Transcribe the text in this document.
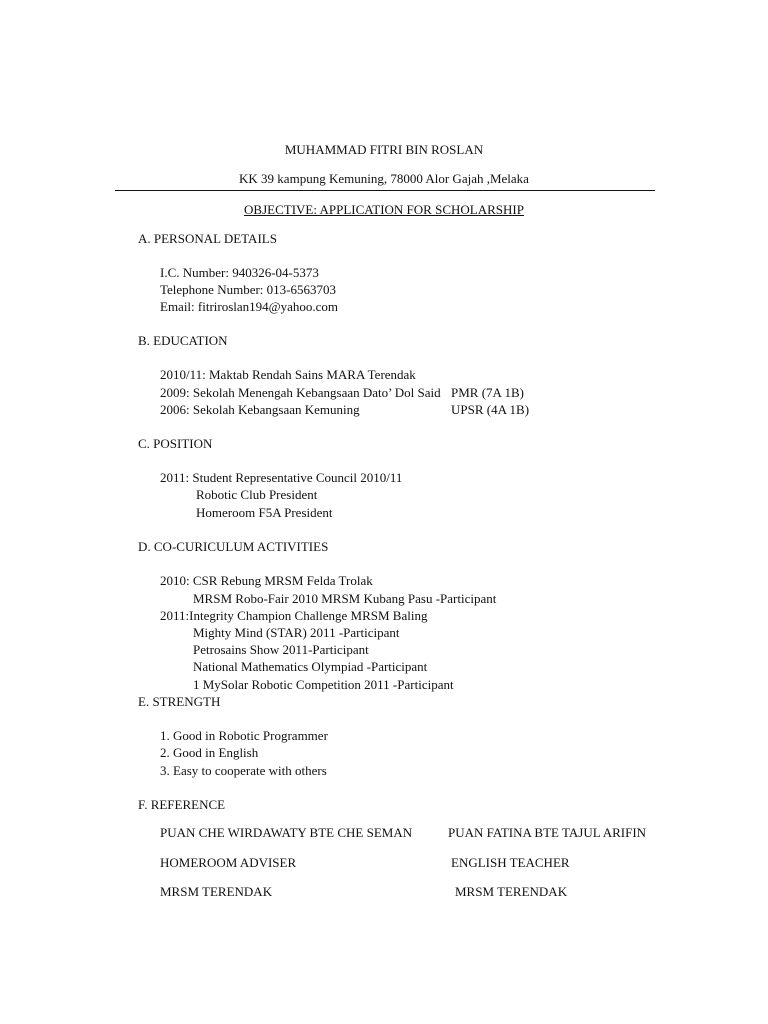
MUHAMMAD FITRI BIN ROSLAN
KK 39 kampung Kemuning, 78000 Alor Gajah ,Melaka
OBJECTIVE: APPLICATION FOR SCHOLARSHIP
A. PERSONAL DETAILS
I.C. Number: 940326-04-5373
Telephone Number: 013-6563703
Email: fitriroslan194@yahoo.com
B. EDUCATION
2010/11: Maktab Rendah Sains MARA Terendak
2009: Sekolah Menengah Kebangsaan Dato’ Dol Said PMR (7A 1B)
2006: Sekolah Kebangsaan Kemuning	UPSR (4A 1B)
C. POSITION
2011: Student Representative Council 2010/11
Robotic Club President
Homeroom F5A President
D. CO-CURICULUM ACTIVITIES
2010: CSR Rebung MRSM Felda Trolak
MRSM Robo-Fair 2010 MRSM Kubang Pasu -Participant
2011:Integrity Champion Challenge MRSM Baling
Mighty Mind (STAR) 2011 -Participant
Petrosains Show 2011-Participant
National Mathematics Olympiad -Participant
1 MySolar Robotic Competition 2011 -Participant
E. STRENGTH
1. Good in Robotic Programmer
2. Good in English
3. Easy to cooperate with others
F. REFERENCE
PUAN CHE WIRDAWATY BTE CHE SEMAN	PUAN FATINA BTE TAJUL ARIFIN
HOMEROOM ADVISER	ENGLISH TEACHER
MRSM TERENDAK	MRSM TERENDAK
